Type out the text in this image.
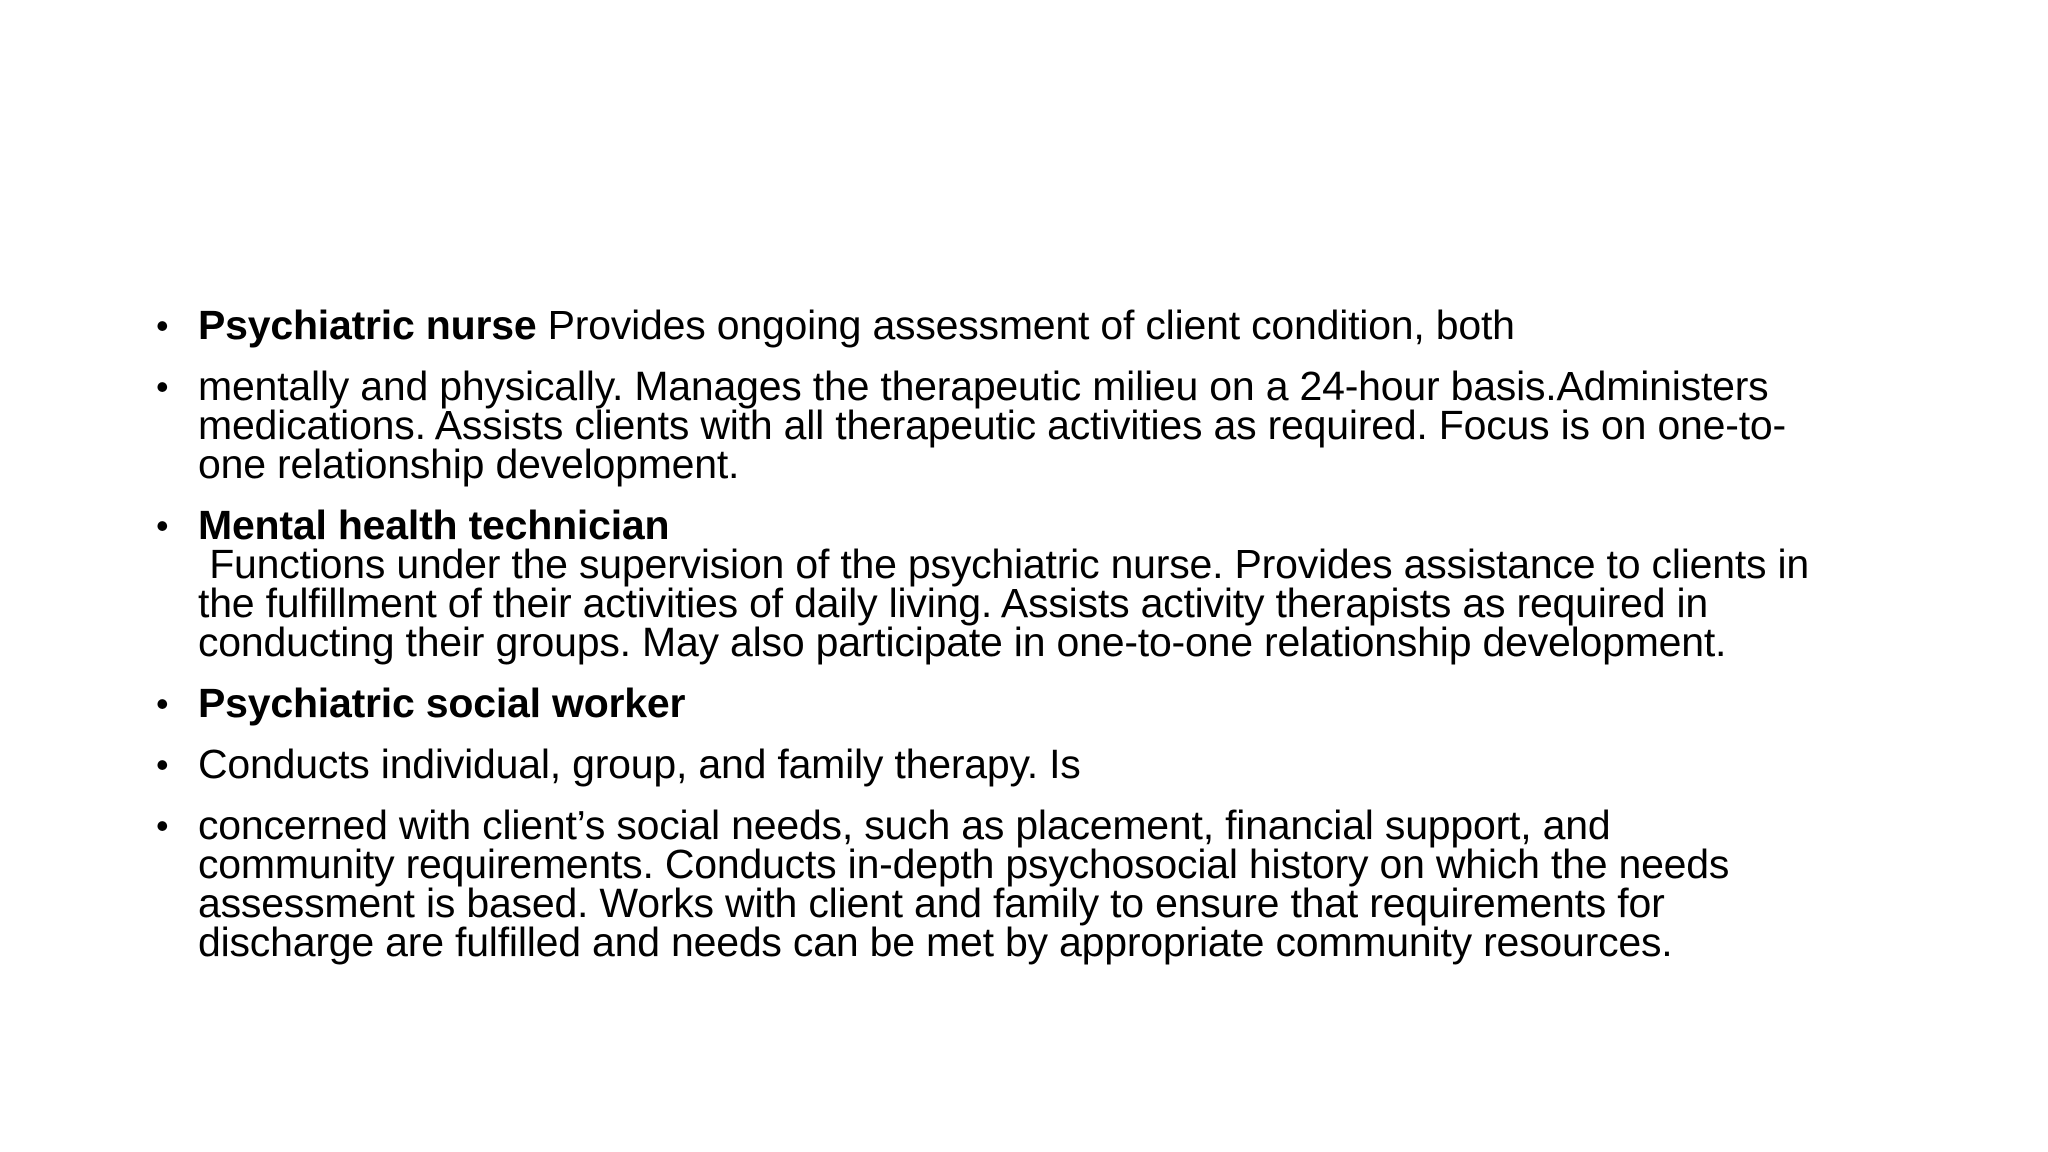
• Psychiatric nurse Provides ongoing assessment of client condition, both
• mentally and physically. Manages the therapeutic milieu on a 24-hour basis.Administers
medications. Assists clients with all therapeutic activities as required. Focus is on one-to-
one relationship development.
• Mental health technician
Functions under the supervision of the psychiatric nurse. Provides assistance to clients in
the fulfillment of their activities of daily living. Assists activity therapists as required in
conducting their groups. May also participate in one-to-one relationship development.
• Psychiatric social worker
• Conducts individual, group, and family therapy. Is
• concerned with client’s social needs, such as placement, financial support, and
community requirements. Conducts in-depth psychosocial history on which the needs
assessment is based. Works with client and family to ensure that requirements for
discharge are fulfilled and needs can be met by appropriate community resources.
